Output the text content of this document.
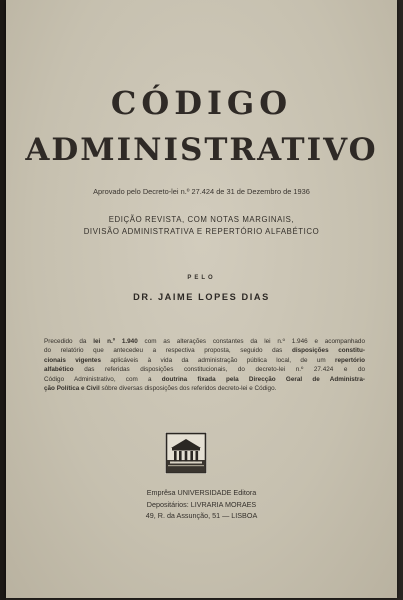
CÓDIGO
ADMINISTRATIVO
Aprovado pelo Decreto-lei n.º 27.424 de 31 de Dezembro de 1936
EDIÇÃO REVISTA, COM NOTAS MARGINAIS,
DIVISÃO ADMINISTRATIVA E REPERTÓRIO ALFABÉTICO
PELO
DR. JAIME LOPES DIAS
Precedido da lei n.º 1.940 com as alterações constantes da lei n.º 1.946 e acompanhado
do relatório que antecedeu a respectiva proposta, seguido das disposições constitu-
cionais vigentes aplicáveis à vida da administração pública local, de um repertório
alfabético das referidas disposições constitucionais, do decreto-lei n.º 27.424 e do
Código Administrativo, com a doutrina fixada pela Direcção Geral de Administra-
ção Política e Civil sôbre diversas disposições dos referidos decreto-lei e Código.
Emprêsa UNIVERSIDADE Editora
Depositários: LIVRARIA MORAES
49, R. da Assunção, 51 — LISBOA
